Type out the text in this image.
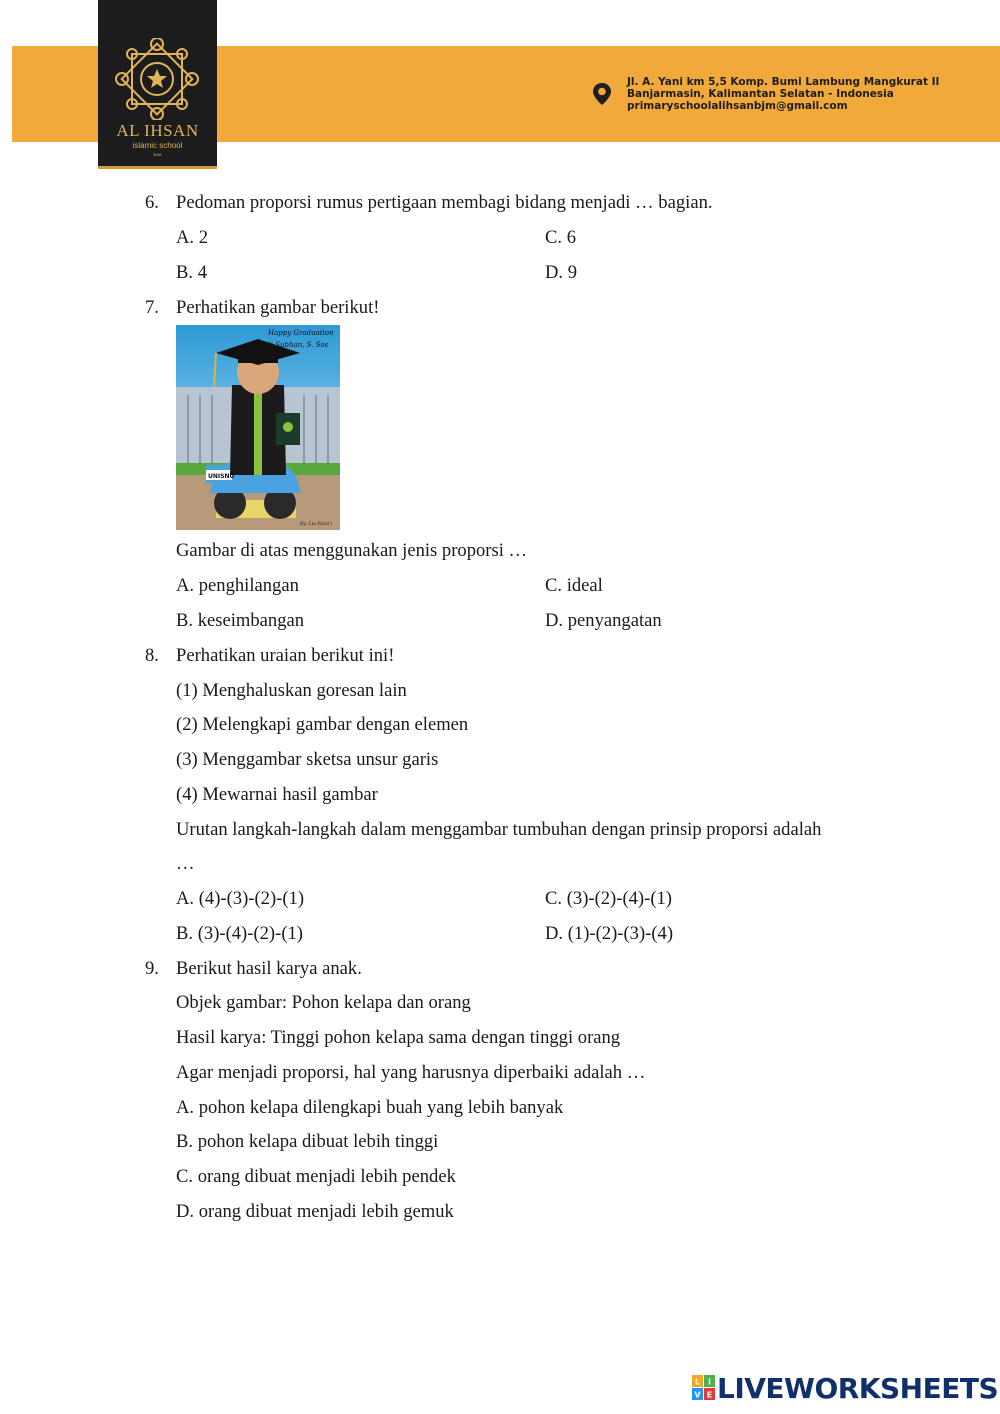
AL IHSAN
islamic school
BJM
Jl. A. Yani km 5,5 Komp. Bumi Lambung Mangkurat II
Banjarmasin, Kalimantan Selatan - Indonesia
primaryschoolalihsanbjm@gmail.com
6. Pedoman proporsi rumus pertigaan membagi bidang menjadi … bagian.
A. 2	C. 6
B. 4	D. 9
7. Perhatikan gambar berikut!
Happy Graduation
Hadi Subhan, S. Sos
UNISNU
By: Lia Faiza'i
Gambar di atas menggunakan jenis proporsi …
A. penghilangan	C. ideal
B. keseimbangan	D. penyangatan
8. Perhatikan uraian berikut ini!
(1) Menghaluskan goresan lain
(2) Melengkapi gambar dengan elemen
(3) Menggambar sketsa unsur garis
(4) Mewarnai hasil gambar
Urutan langkah-langkah dalam menggambar tumbuhan dengan prinsip proporsi adalah
…
A. (4)-(3)-(2)-(1)	C. (3)-(2)-(4)-(1)
B. (3)-(4)-(2)-(1)	D. (1)-(2)-(3)-(4)
9. Berikut hasil karya anak.
Objek gambar: Pohon kelapa dan orang
Hasil karya: Tinggi pohon kelapa sama dengan tinggi orang
Agar menjadi proporsi, hal yang harusnya diperbaiki adalah …
A. pohon kelapa dilengkapi buah yang lebih banyak
B. pohon kelapa dibuat lebih tinggi
C. orang dibuat menjadi lebih pendek
D. orang dibuat menjadi lebih gemuk
L I
V E LIVEWORKSHEETS
